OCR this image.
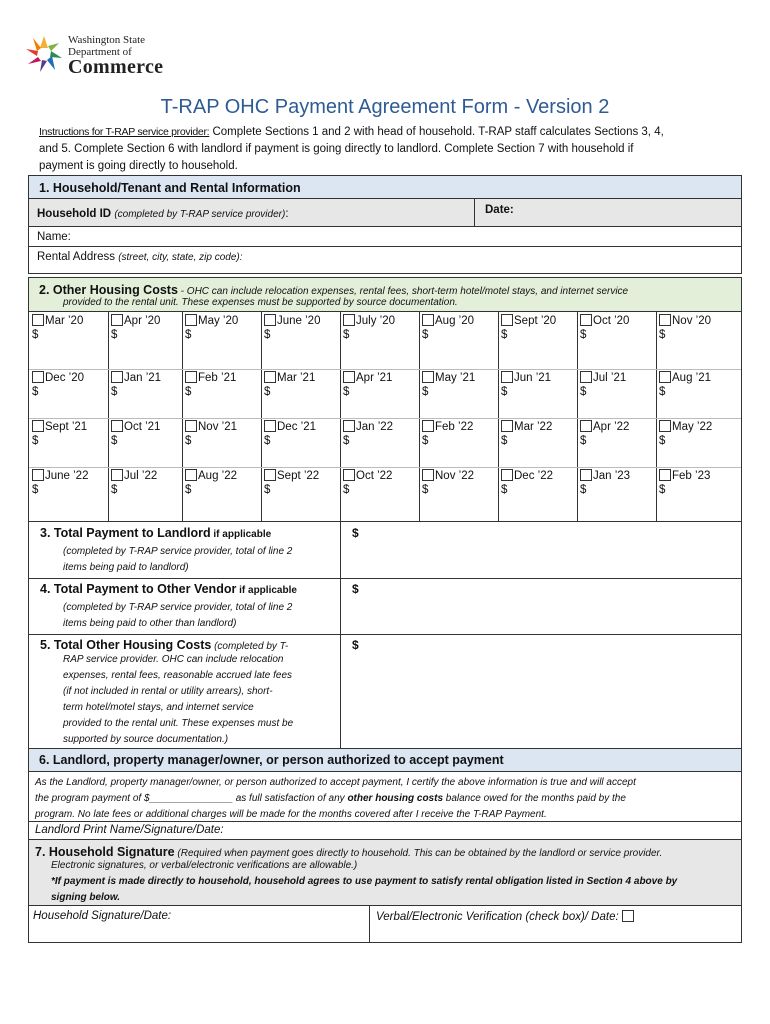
Washington State
Department of
Commerce
T-RAP OHC Payment Agreement Form - Version 2
Instructions for T-RAP service provider: Complete Sections 1 and 2 with head of household. T-RAP staff calculates Sections 3, 4, and 5. Complete Section 6 with landlord if payment is going directly to landlord. Complete Section 7 with household if payment is going directly to household.
1. Household/Tenant and Rental Information
Household ID (completed by T-RAP service provider):	Date:
Name:
Rental Address (street, city, state, zip code):
2. Other Housing Costs - OHC can include relocation expenses, rental fees, short-term hotel/motel stays, and internet service
provided to the rental unit. These expenses must be supported by source documentation.
Mar ’20
$
Apr ’20
$
May ’20
$
June ’20
$
July ’20
$
Aug ’20
$
Sept ’20
$
Oct ’20
$
Nov ’20
$
Dec ’20
$
Jan ’21
$
Feb ’21
$
Mar ’21
$
Apr ’21
$
May ’21
$
Jun ’21
$
Jul ’21
$
Aug ’21
$
Sept ’21
$
Oct ’21
$
Nov ’21
$
Dec ’21
$
Jan ’22
$
Feb ’22
$
Mar ’22
$
Apr ’22
$
May ’22
$
June ’22
$
Jul ’22
$
Aug ’22
$
Sept ’22
$
Oct ’22
$
Nov ’22
$
Dec ’22
$
Jan ’23
$
Feb ’23
$
3. Total Payment to Landlord if applicable
(completed by T-RAP service provider, total of line 2
items being paid to landlord)
$
4. Total Payment to Other Vendor if applicable
(completed by T-RAP service provider, total of line 2
items being paid to other than landlord)
$
5. Total Other Housing Costs (completed by T-
RAP service provider. OHC can include relocation
expenses, rental fees, reasonable accrued late fees
(if not included in rental or utility arrears), short-
term hotel/motel stays, and internet service
provided to the rental unit. These expenses must be
supported by source documentation.)
$
6. Landlord, property manager/owner, or person authorized to accept payment
As the Landlord, property manager/owner, or person authorized to accept payment, I certify the above information is true and will accept
the program payment of $_______________ as full satisfaction of any other housing costs balance owed for the months paid by the
program. No late fees or additional charges will be made for the months covered after I receive the T-RAP Payment.
Landlord Print Name/Signature/Date:
7. Household Signature (Required when payment goes directly to household. This can be obtained by the landlord or service provider.
Electronic signatures, or verbal/electronic verifications are allowable.)
*If payment is made directly to household, household agrees to use payment to satisfy rental obligation listed in Section 4 above by
signing below.
Household Signature/Date:	Verbal/Electronic Verification (check box)/ Date:
